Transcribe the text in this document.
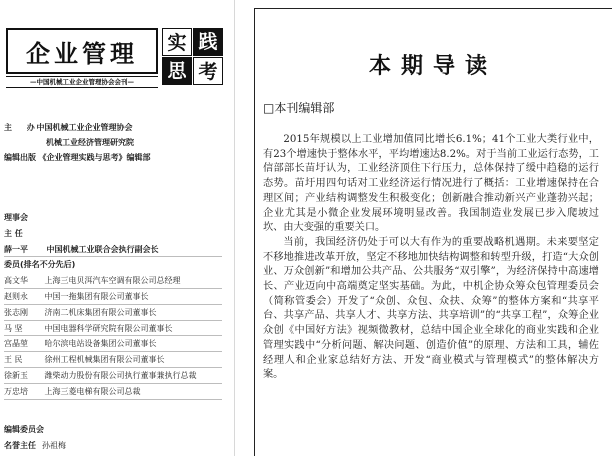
企业管理
—中国机械工业企业管理协会会刊—
实 践
思 考
主 办 中国机械工业企业管理协会
机械工业经济管理研究院
编辑出版 《企业管理实践与思考》编辑部
理事会
主 任
薛一平 中国机械工业联合会执行副会长
委员(排名不分先后)
高文华 上海三电贝洱汽车空调有限公司总经理
赵则永 中国一拖集团有限公司董事长
张志刚 济南二机床集团有限公司董事长
马 坚	中国电器科学研究院有限公司董事长
宫晶堃 哈尔滨电站设备集团公司董事长
王 民	徐州工程机械集团有限公司董事长
徐新玉 潍柴动力股份有限公司执行董事兼执行总裁
万忠培 上海三菱电梯有限公司总裁
编辑委员会
名誉主任 孙祖梅
本期导读
□本刊编辑部

2015年规模以上工业增加值同比增长6.1%；41个工业大类行业中，有23个增速快于整体水平，平均增速达8.2%。对于当前工业运行态势，工信部部长苗圩认为，工业经济顶住下行压力，总体保持了缓中趋稳的运行态势。苗圩用四句话对工业经济运行情况进行了概括：工业增速保持在合理区间；产业结构调整发生积极变化；创新融合推动新兴产业蓬勃兴起；企业尤其是小微企业发展环境明显改善。我国制造业发展已步入爬坡过坎、由大变强的重要关口。

当前，我国经济仍处于可以大有作为的重要战略机遇期。未来要坚定不移地推进改革开放，坚定不移地加快结构调整和转型升级，打造“大众创业、万众创新”和增加公共产品、公共服务“双引擎”，为经济保持中高速增长、产业迈向中高端奠定坚实基础。为此，中机企协众筹众包管理委员会（简称管委会）开发了“众创、众包、众扶、众筹”的整体方案和“共享平台、共享产品、共享人才、共享方法、共享培训”的“共享工程”，众筹企业众创《中国好方法》视频微教材，总结中国企业全球化的商业实践和企业管理实践中“分析问题、解决问题、创造价值”的原理、方法和工具，辅佐经理人和企业家总结好方法、开发“商业模式与管理模式”的整体解决方案。
